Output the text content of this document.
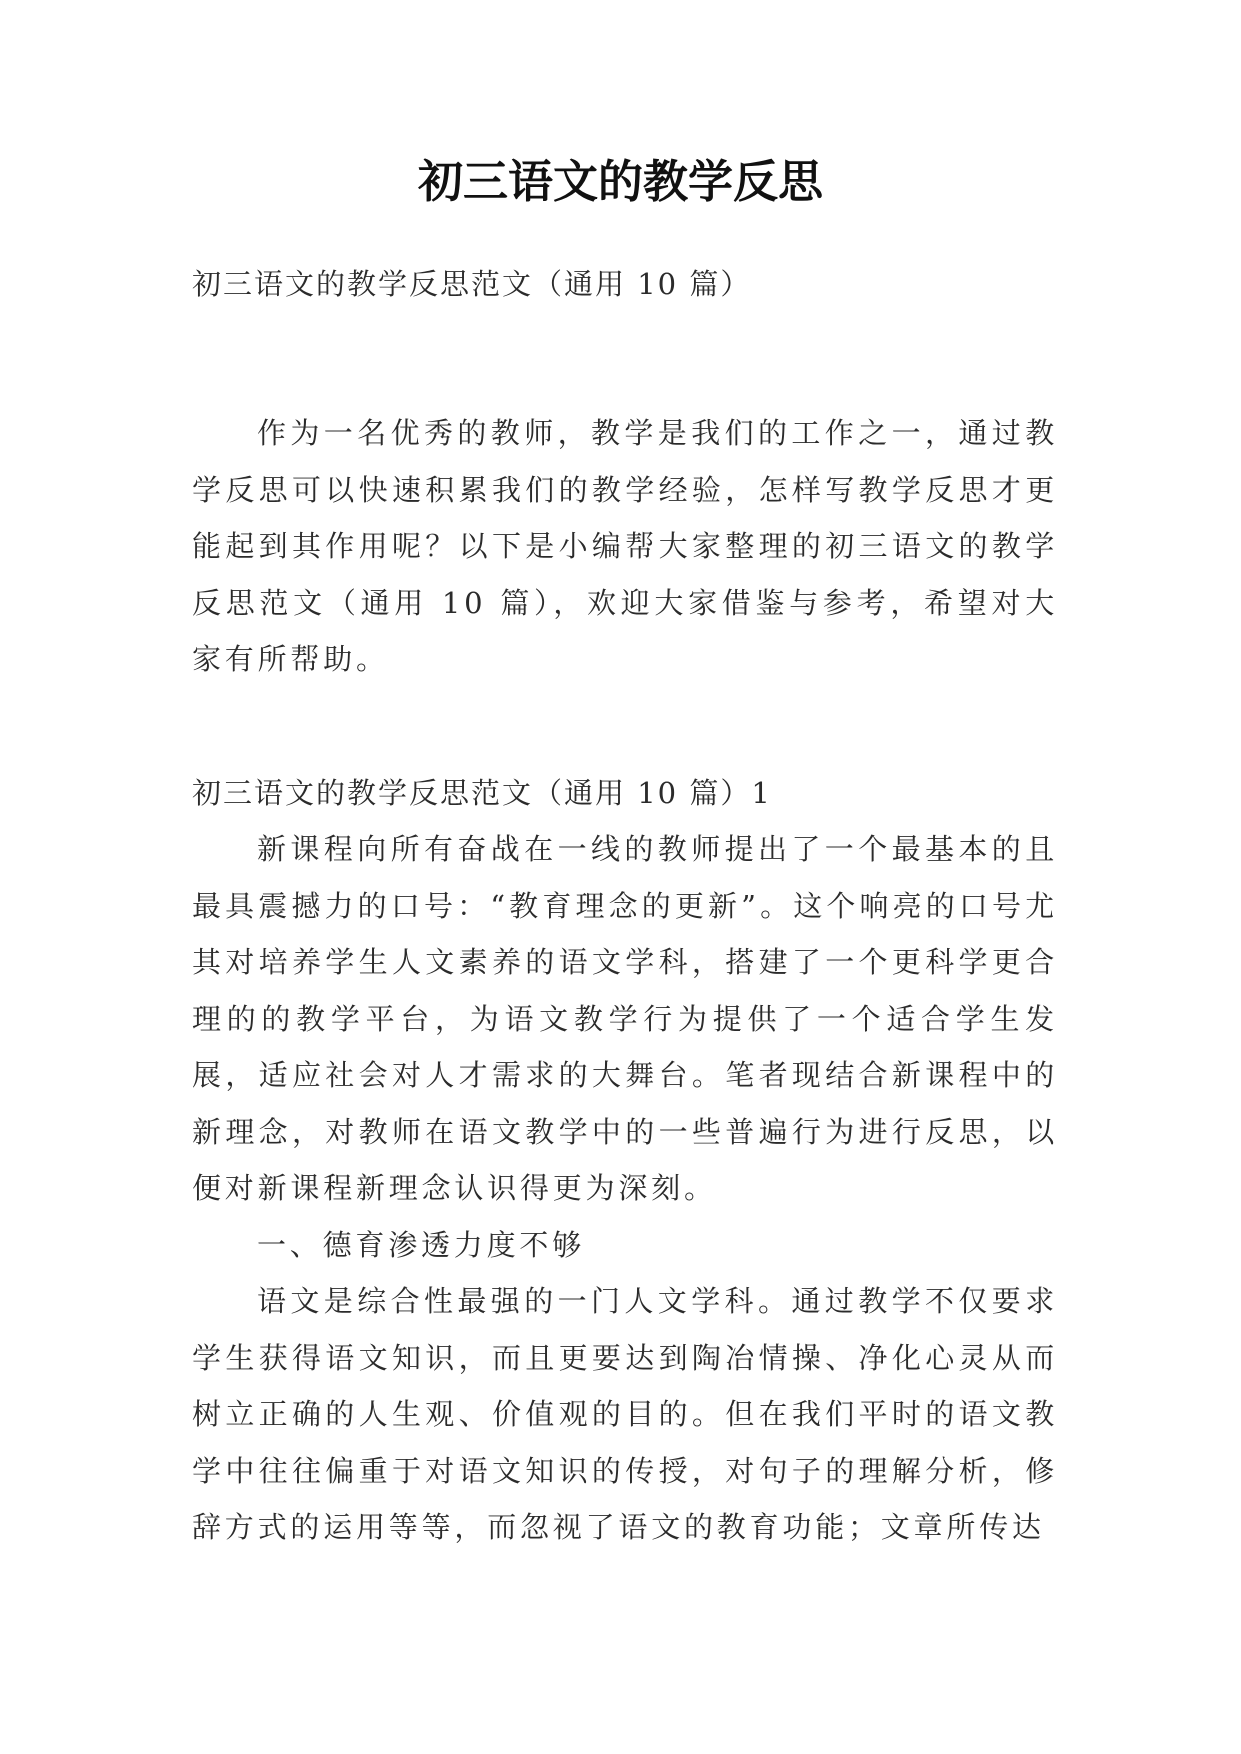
初三语文的教学反思

初三语文的教学反思范文（通用 10 篇）

作为一名优秀的教师，教学是我们的工作之一，通过教学反思可以快速积累我们的教学经验，怎样写教学反思才更能起到其作用呢？以下是小编帮大家整理的初三语文的教学反思范文（通用 10 篇），欢迎大家借鉴与参考，希望对大家有所帮助。

初三语文的教学反思范文（通用 10 篇）1

新课程向所有奋战在一线的教师提出了一个最基本的且最具震撼力的口号：“教育理念的更新”。这个响亮的口号尤其对培养学生人文素养的语文学科，搭建了一个更科学更合理的的教学平台，为语文教学行为提供了一个适合学生发展，适应社会对人才需求的大舞台。笔者现结合新课程中的新理念，对教师在语文教学中的一些普遍行为进行反思，以便对新课程新理念认识得更为深刻。

一、德育渗透力度不够

语文是综合性最强的一门人文学科。通过教学不仅要求学生获得语文知识，而且更要达到陶冶情操、净化心灵从而树立正确的人生观、价值观的目的。但在我们平时的语文教学中往往偏重于对语文知识的传授，对句子的理解分析，修辞方式的运用等等，而忽视了语文的教育功能；文章所传达
